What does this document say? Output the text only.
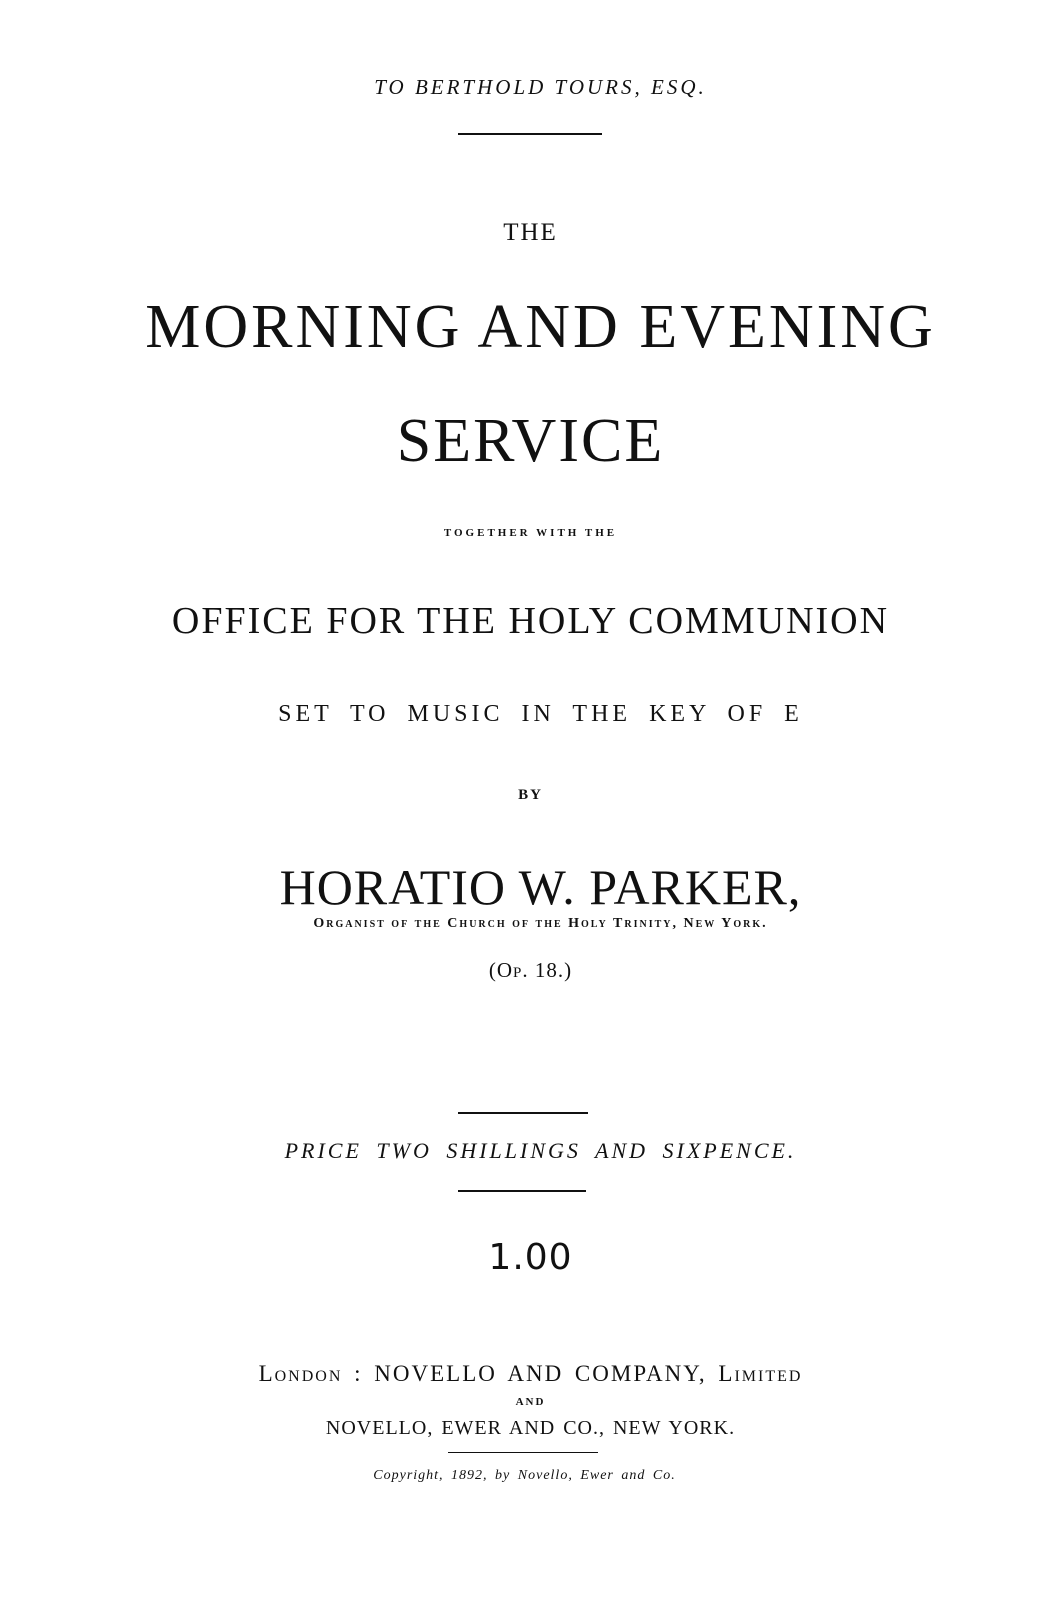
TO BERTHOLD TOURS, ESQ.
THE
MORNING AND EVENING
SERVICE
TOGETHER WITH THE
OFFICE FOR THE HOLY COMMUNION
SET TO MUSIC IN THE KEY OF E
BY
HORATIO W. PARKER,
Organist of the Church of the Holy Trinity, New York.
(Op. 18.)
PRICE TWO SHILLINGS AND SIXPENCE.
1.00
London : NOVELLO AND COMPANY, Limited
AND
NOVELLO, EWER AND CO., NEW YORK.
Copyright, 1892, by Novello, Ewer and Co.
